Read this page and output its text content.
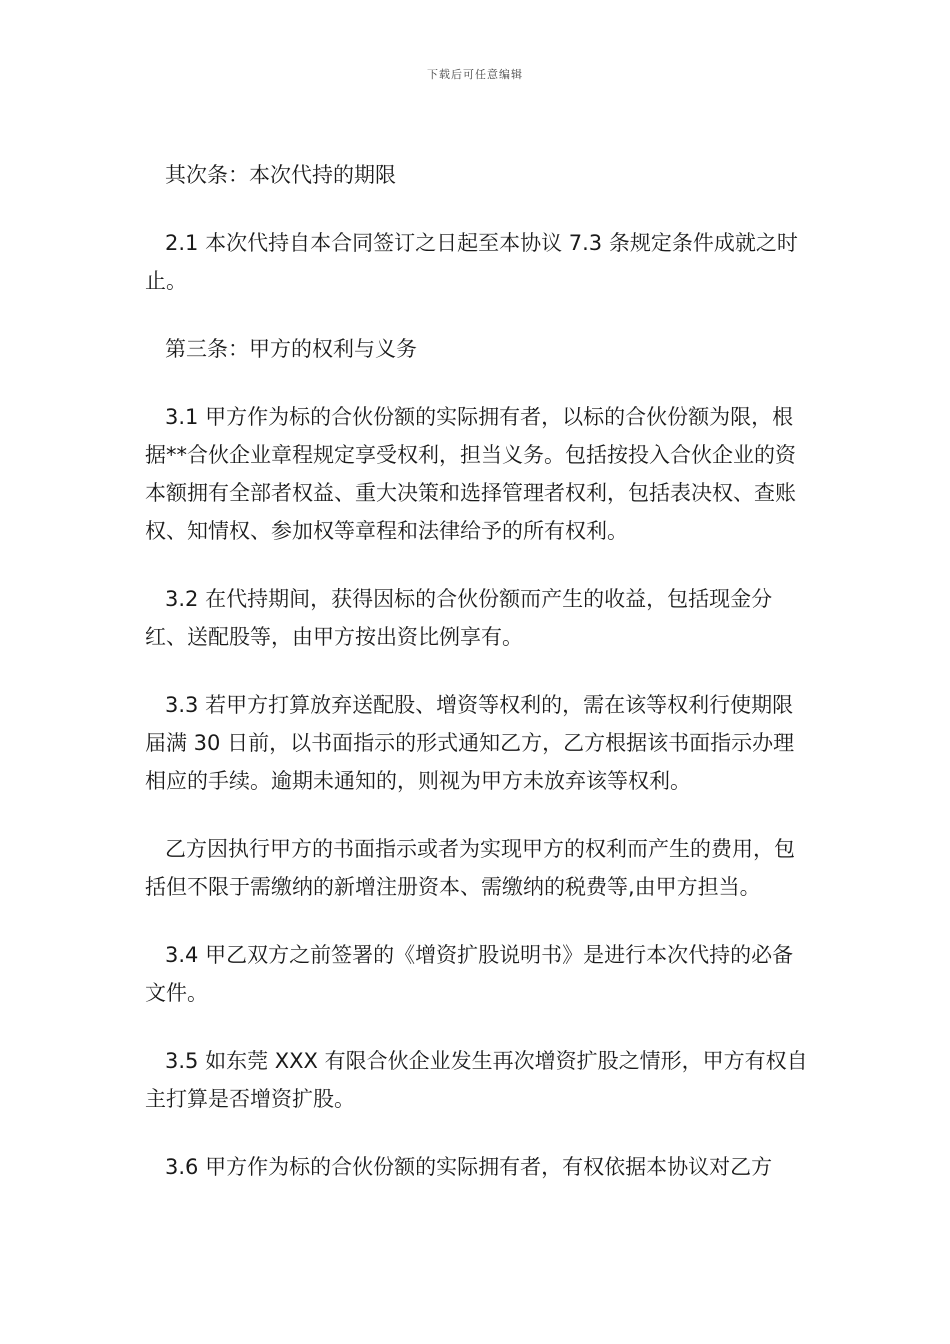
下载后可任意编辑

其次条：本次代持的期限

2.1 本次代持自本合同签订之日起至本协议 7.3 条规定条件成就之时止。

第三条：甲方的权利与义务

3.1 甲方作为标的合伙份额的实际拥有者，以标的合伙份额为限，根据**合伙企业章程规定享受权利，担当义务。包括按投入合伙企业的资本额拥有全部者权益、重大决策和选择管理者权利，包括表决权、查账权、知情权、参加权等章程和法律给予的所有权利。

3.2 在代持期间，获得因标的合伙份额而产生的收益，包括现金分红、送配股等，由甲方按出资比例享有。

3.3 若甲方打算放弃送配股、增资等权利的，需在该等权利行使期限届满 30 日前，以书面指示的形式通知乙方，乙方根据该书面指示办理相应的手续。逾期未通知的，则视为甲方未放弃该等权利。

乙方因执行甲方的书面指示或者为实现甲方的权利而产生的费用，包括但不限于需缴纳的新增注册资本、需缴纳的税费等,由甲方担当。

3.4 甲乙双方之前签署的《增资扩股说明书》是进行本次代持的必备文件。

3.5 如东莞 XXX 有限合伙企业发生再次增资扩股之情形，甲方有权自主打算是否增资扩股。

3.6 甲方作为标的合伙份额的实际拥有者，有权依据本协议对乙方
